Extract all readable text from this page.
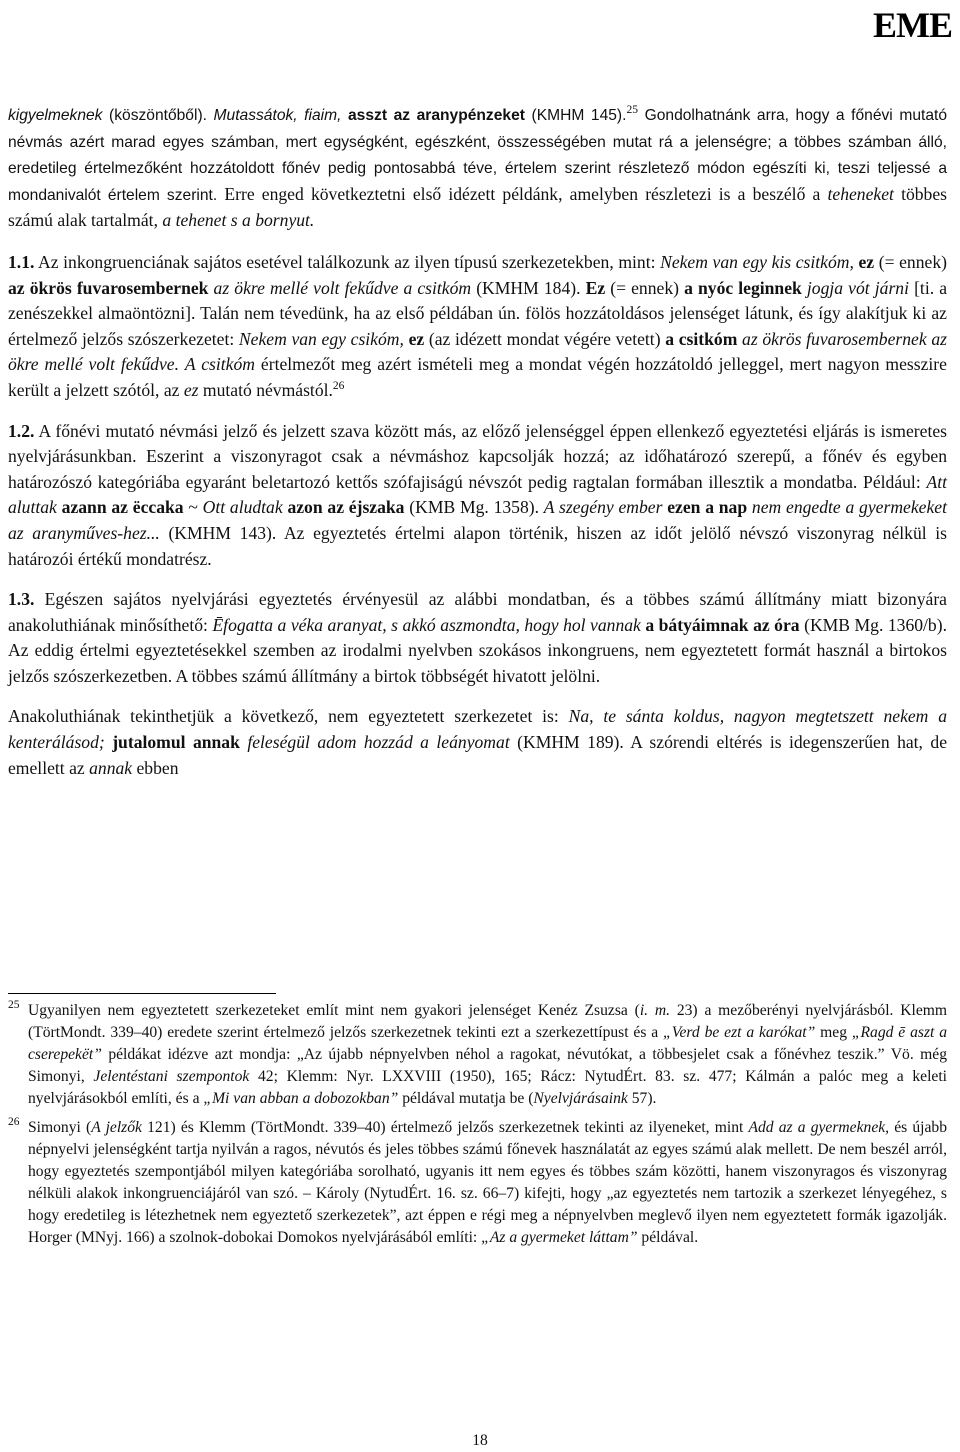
EME

kigyelmeknek (köszöntőből). Mutassátok, fiaim, asszt az aranypénzeket (KMHM 145).$^{25}$ Gondolhatnánk arra, hogy a főnévi mutató névmás azért marad egyes számban, mert egységként, egészként, összességében mutat rá a jelenségre; a többes számban álló, eredetileg értelmezőként hozzátoldott főnév pedig pontosabbá téve, értelem szerint részletező módon egészíti ki, teszi teljessé a mondanivalót értelem szerint. Erre enged következtetni első idézett példánk, amelyben részletezi is a beszélő a teheneket többes számú alak tartalmát, a tehenet s a bornyut.

1.1. Az inkongruenciának sajátos esetével találkozunk az ilyen típusú szerkezetekben, mint: Nekem van egy kis csitkóm, ez (= ennek) az ökrös fuvarosembernek az ökre mellé volt fekűdve a csitkóm (KMHM 184). Ez (= ennek) a nyóc leginnek jogja vót járni [ti. a zenészekkel almaöntözni]. Talán nem tévedünk, ha az első példában ún. fölös hozzátoldásos jelenséget látunk, és így alakítjuk ki az értelmező jelzős szószerkezetet: Nekem van egy csikóm, ez (az idézett mondat végére vetett) a csitkóm az ökrös fuvarosembernek az ökre mellé volt fekűdve. A csitkóm értelmezőt meg azért ismételi meg a mondat végén hozzátoldó jelleggel, mert nagyon messzire került a jelzett szótól, az ez mutató névmástól.$^{26}$

1.2. A főnévi mutató névmási jelző és jelzett szava között más, az előző jelenséggel éppen ellenkező egyeztetési eljárás is ismeretes nyelvjárásunkban. Eszerint a viszonyragot csak a névmáshoz kapcsolják hozzá; az időhatározó szerepű, a főnév és egyben határozószó kategóriába egyaránt beletartozó kettős szófajiságú névszót pedig ragtalan formában illesztik a mondatba. Például: Att aluttak azann az ëccaka ~ Ott aludtak azon az éjszaka (KMB Mg. 1358). A szegény ember ezen a nap nem engedte a gyermekeket az aranyműves-hez... (KMHM 143). Az egyeztetés értelmi alapon történik, hiszen az időt jelölő névszó viszonyrag nélkül is határozói értékű mondatrész.

1.3. Egészen sajátos nyelvjárási egyeztetés érvényesül az alábbi mondatban, és a többes számú állítmány miatt bizonyára anakoluthiának minősíthető: Ēfogatta a véka aranyat, s akkó aszmondta, hogy hol vannak a bátyáimnak az óra (KMB Mg. 1360/b). Az eddig értelmi egyeztetésekkel szemben az irodalmi nyelvben szokásos inkongruens, nem egyeztetett formát használ a birtokos jelzős szószerkezetben. A többes számú állítmány a birtok többségét hivatott jelölni.

Anakoluthiának tekinthetjük a következő, nem egyeztetett szerkezetet is: Na, te sánta koldus, nagyon megtetszett nekem a kenterálásod; jutalomul annak feleségül adom hozzád a leányomat (KMHM 189). A szórendi eltérés is idegenszerűen hat, de emellett az annak ebben

25 Ugyanilyen nem egyeztetett szerkezeteket említ mint nem gyakori jelenséget Kenéz Zsuzsa (i. m. 23) a mezőberényi nyelvjárásból. Klemm (TörtMondt. 339–40) eredete szerint értelmező jelzős szerkezetnek tekinti ezt a szerkezettípust és a „Verd be ezt a karókat” meg „Ragd ē aszt a cserepekët” példákat idézve azt mondja: „Az újabb népnyelvben néhol a ragokat, névutókat, a többesjelet csak a főnévhez teszik.” Vö. még Simonyi, Jelentéstani szempontok 42; Klemm: Nyr. LXXVIII (1950), 165; Rácz: NytudÉrt. 83. sz. 477; Kálmán a palóc meg a keleti nyelvjárásokból említi, és a „Mi van abban a dobozokban” példával mutatja be (Nyelvjárásaink 57).
26 Simonyi (A jelzők 121) és Klemm (TörtMondt. 339–40) értelmező jelzős szerkezetnek tekinti az ilyeneket, mint Add az a gyermeknek, és újabb népnyelvi jelenségként tartja nyilván a ragos, névutós és jeles többes számú főnevek használatát az egyes számú alak mellett. De nem beszél arról, hogy egyeztetés szempontjából milyen kategóriába sorolható, ugyanis itt nem egyes és többes szám közötti, hanem viszonyragos és viszonyrag nélküli alakok inkongruenciájáról van szó. – Károly (NytudÉrt. 16. sz. 66–7) kifejti, hogy „az egyeztetés nem tartozik a szerkezet lényegéhez, s hogy eredetileg is létezhetnek nem egyeztető szerkezetek”, azt éppen e régi meg a népnyelvben meglevő ilyen nem egyeztetett formák igazolják. Horger (MNyj. 166) a szolnok-dobokai Domokos nyelvjárásából említi: „Az a gyermeket láttam” példával.
18
